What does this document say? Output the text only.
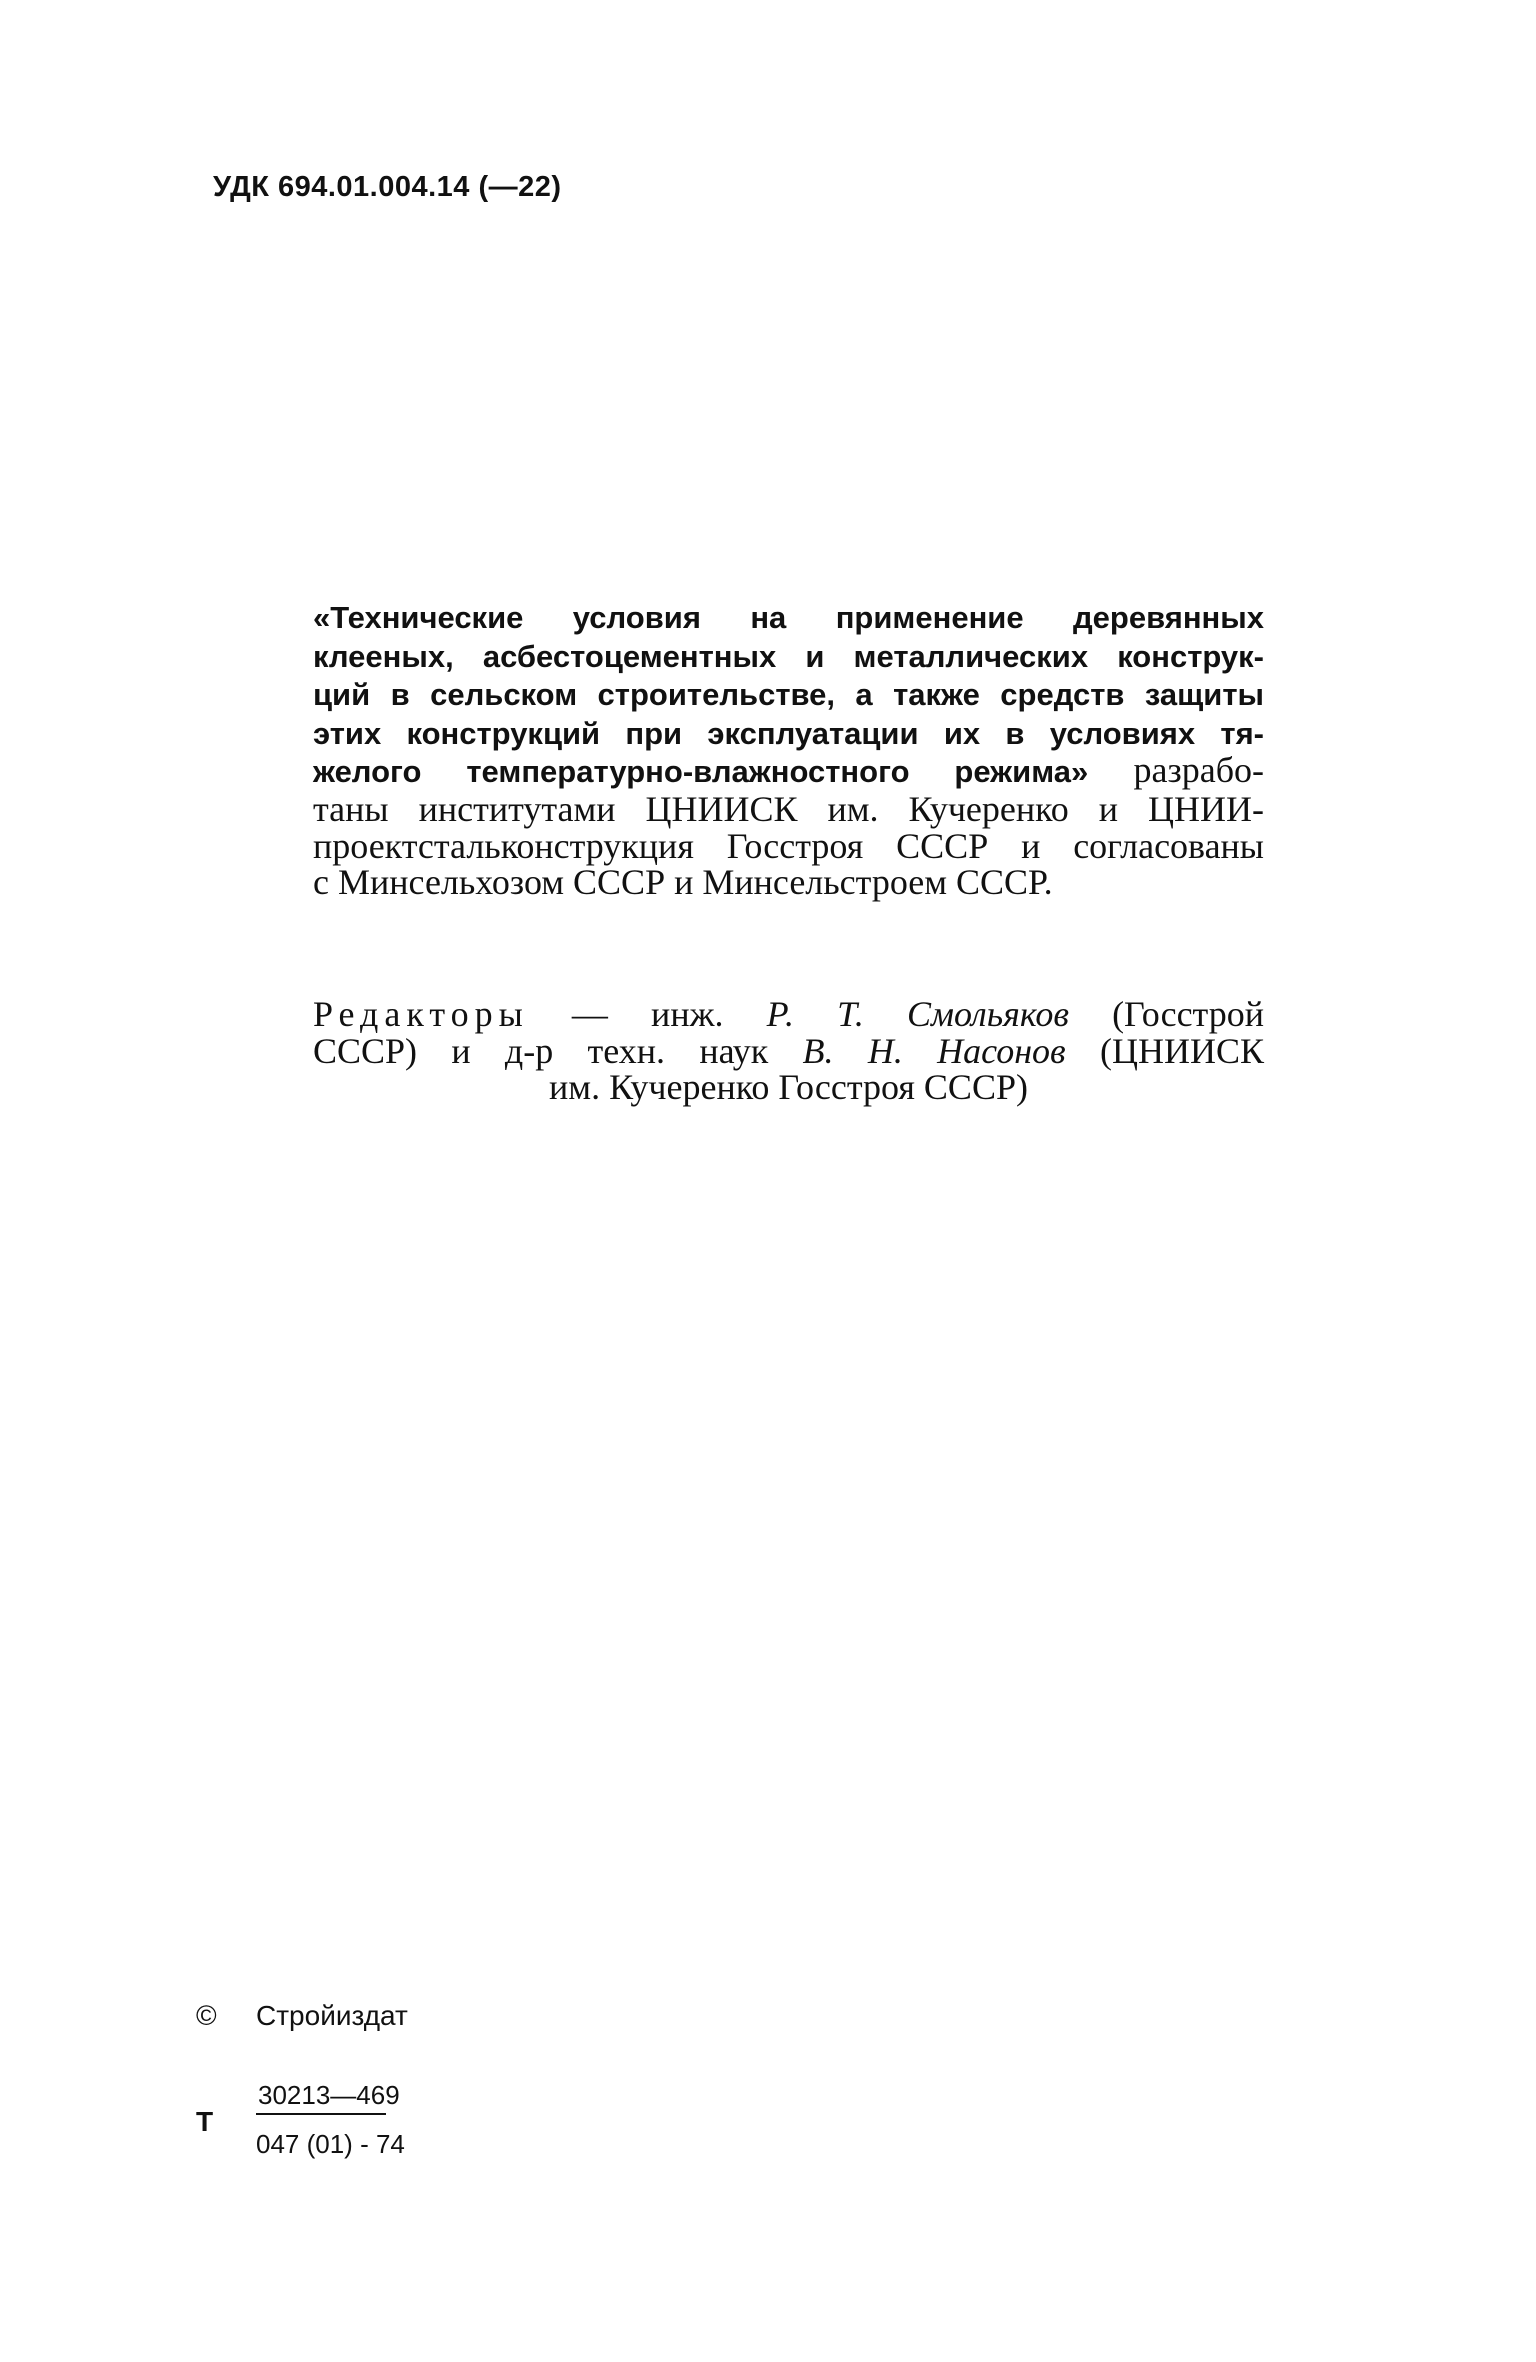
УДК 694.01.004.14 (—22)
«Технические условия на применение деревянных
клееных, асбестоцементных и металлических конструк-
ций в сельском строительстве, а также средств защиты
этих конструкций при эксплуатации их в условиях тя-
желого температурно-влажностного режима» разрабо-
таны институтами ЦНИИСК им. Кучеренко и ЦНИИ-
проектстальконструкция Госстроя СССР и согласованы
с Минсельхозом СССР и Минсельстроем СССР.
Редакторы — инж. Р. Т. Смольяков (Госстрой
СССР) и д-р техн. наук В. Н. Насонов (ЦНИИСК
им. Кучеренко Госстроя СССР)
© Стройиздат
Т $\frac{30213—469}{047 (01) - 74}$
